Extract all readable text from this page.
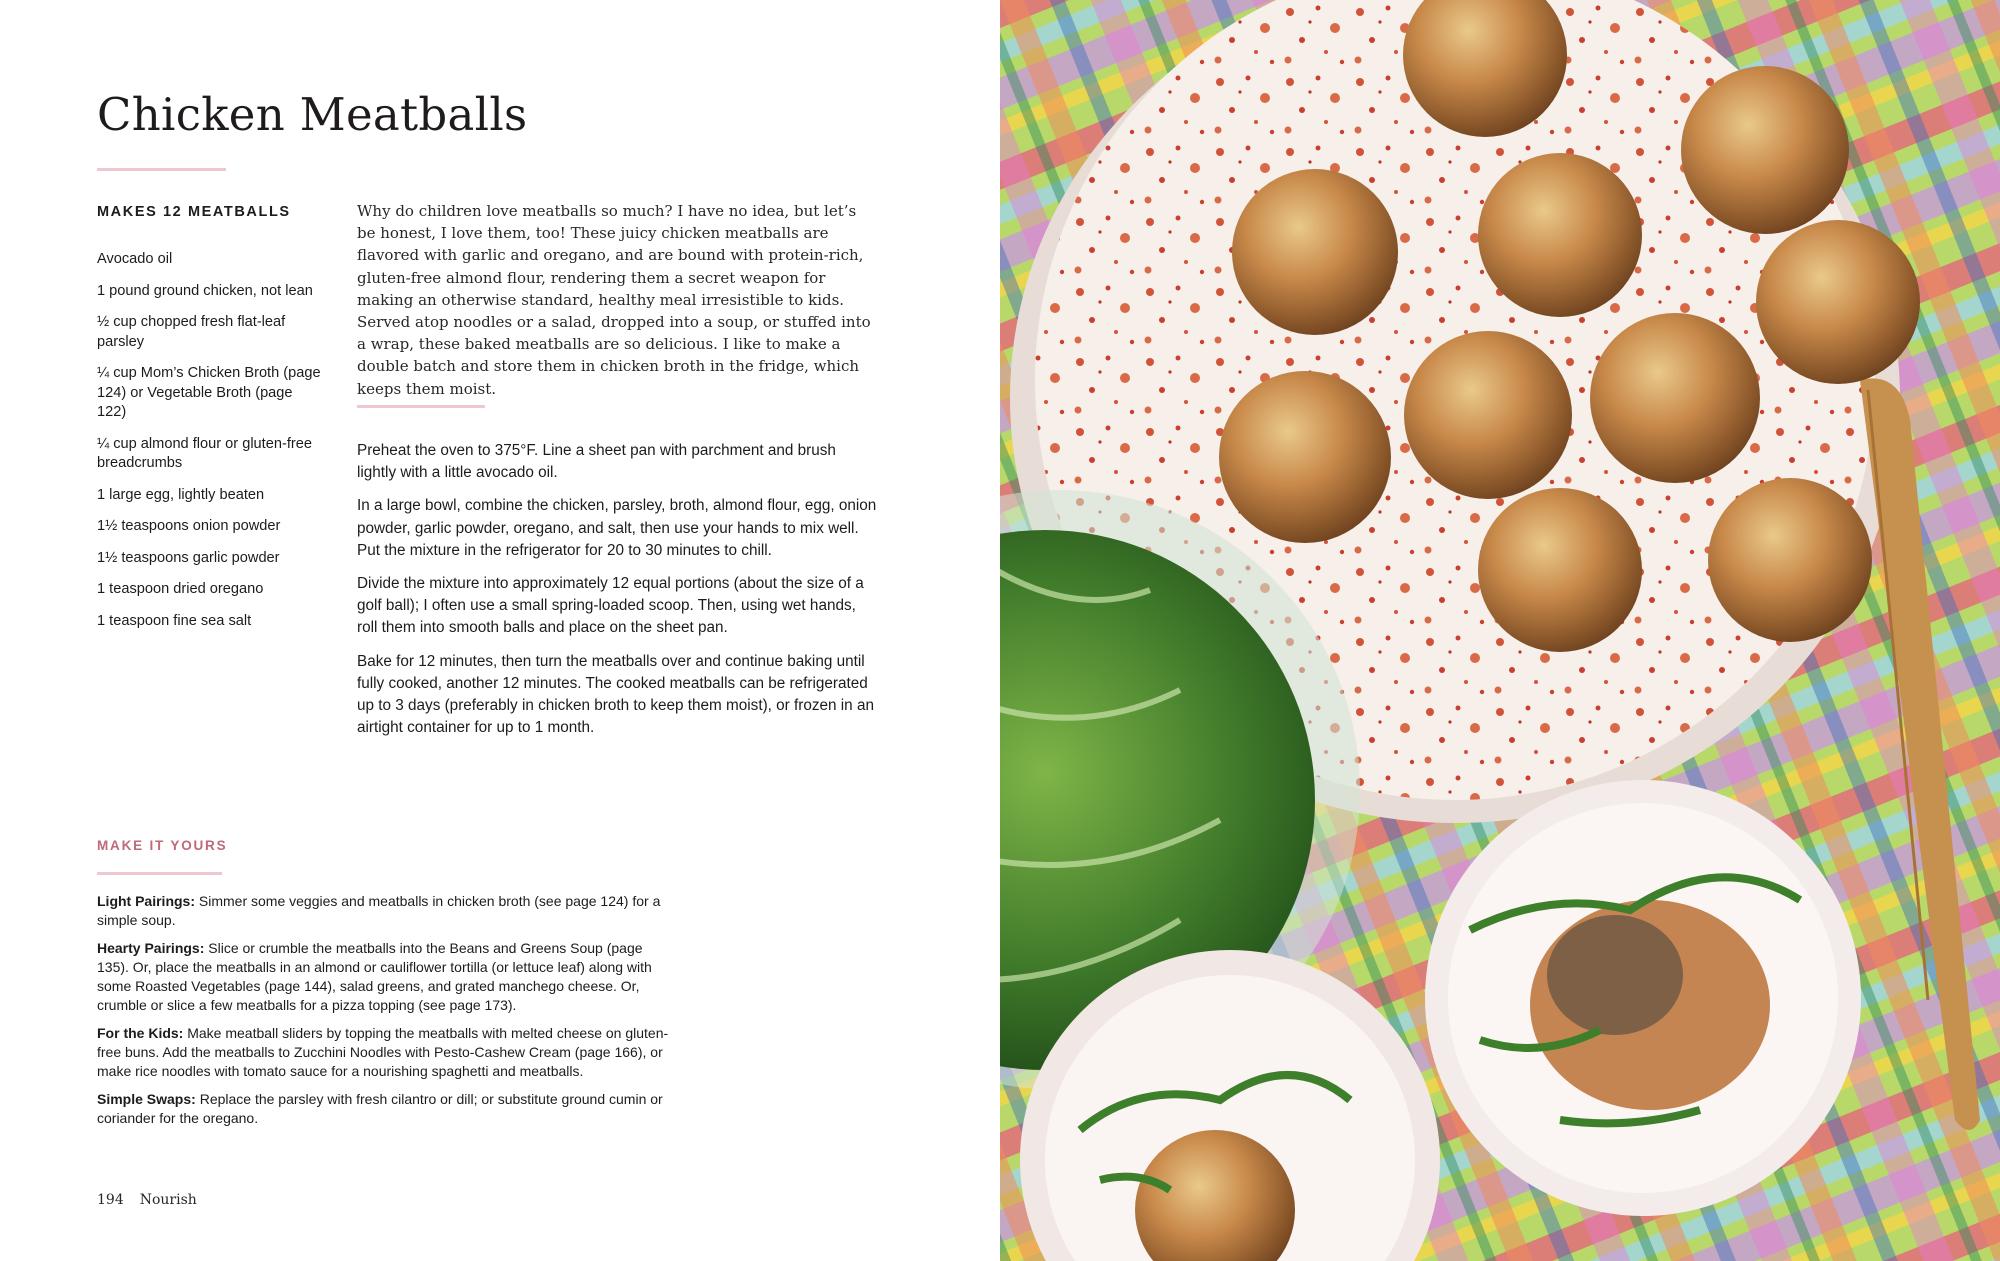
Chicken Meatballs
MAKES 12 MEATBALLS
Avocado oil
1 pound ground chicken, not lean
½ cup chopped fresh flat-leaf parsley
¼ cup Mom’s Chicken Broth (page 124) or Vegetable Broth (page 122)
¼ cup almond flour or gluten-free breadcrumbs
1 large egg, lightly beaten
1½ teaspoons onion powder
1½ teaspoons garlic powder
1 teaspoon dried oregano
1 teaspoon fine sea salt

Why do children love meatballs so much? I have no idea, but let’s be honest, I love them, too! These juicy chicken meatballs are flavored with garlic and oregano, and are bound with protein-rich, gluten-free almond flour, rendering them a secret weapon for making an otherwise standard, healthy meal irresistible to kids. Served atop noodles or a salad, dropped into a soup, or stuffed into a wrap, these baked meatballs are so delicious. I like to make a double batch and store them in chicken broth in the fridge, which keeps them moist.

Preheat the oven to 375°F. Line a sheet pan with parchment and brush lightly with a little avocado oil.

In a large bowl, combine the chicken, parsley, broth, almond flour, egg, onion powder, garlic powder, oregano, and salt, then use your hands to mix well. Put the mixture in the refrigerator for 20 to 30 minutes to chill.

Divide the mixture into approximately 12 equal portions (about the size of a golf ball); I often use a small spring-loaded scoop. Then, using wet hands, roll them into smooth balls and place on the sheet pan.

Bake for 12 minutes, then turn the meatballs over and continue baking until fully cooked, another 12 minutes. The cooked meatballs can be refrigerated up to 3 days (preferably in chicken broth to keep them moist), or frozen in an airtight container for up to 1 month.

MAKE IT YOURS

Light Pairings: Simmer some veggies and meatballs in chicken broth (see page 124) for a simple soup.

Hearty Pairings: Slice or crumble the meatballs into the Beans and Greens Soup (page 135). Or, place the meatballs in an almond or cauliflower tortilla (or lettuce leaf) along with some Roasted Vegetables (page 144), salad greens, and grated manchego cheese. Or, crumble or slice a few meatballs for a pizza topping (see page 173).

For the Kids: Make meatball sliders by topping the meatballs with melted cheese on gluten-free buns. Add the meatballs to Zucchini Noodles with Pesto-Cashew Cream (page 166), or make rice noodles with tomato sauce for a nourishing spaghetti and meatballs.

Simple Swaps: Replace the parsley with fresh cilantro or dill; or substitute ground cumin or coriander for the oregano.

194 Nourish
